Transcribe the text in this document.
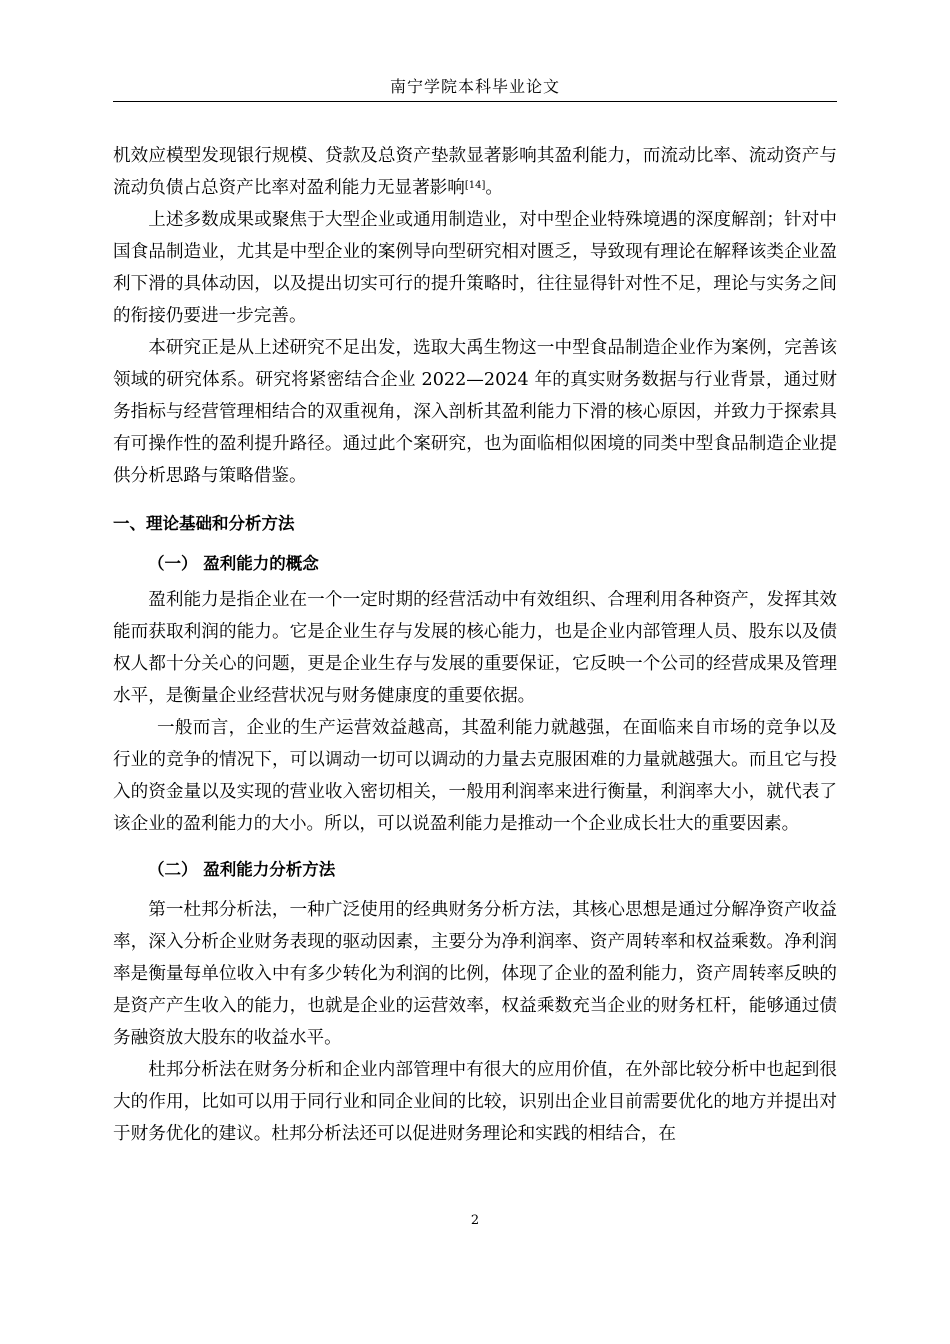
南宁学院本科毕业论文

机效应模型发现银行规模、贷款及总资产垫款显著影响其盈利能力，而流动比率、流动资产与流动负债占总资产比率对盈利能力无显著影响[14]。

上述多数成果或聚焦于大型企业或通用制造业，对中型企业特殊境遇的深度解剖；针对中国食品制造业，尤其是中型企业的案例导向型研究相对匮乏，导致现有理论在解释该类企业盈利下滑的具体动因，以及提出切实可行的提升策略时，往往显得针对性不足，理论与实务之间的衔接仍要进一步完善。

本研究正是从上述研究不足出发，选取大禹生物这一中型食品制造企业作为案例，完善该领域的研究体系。研究将紧密结合企业 2022—2024 年的真实财务数据与行业背景，通过财务指标与经营管理相结合的双重视角，深入剖析其盈利能力下滑的核心原因，并致力于探索具有可操作性的盈利提升路径。通过此个案研究，也为面临相似困境的同类中型食品制造企业提供分析思路与策略借鉴。

一、理论基础和分析方法
（一） 盈利能力的概念

盈利能力是指企业在一个一定时期的经营活动中有效组织、合理利用各种资产，发挥其效能而获取利润的能力。它是企业生存与发展的核心能力，也是企业内部管理人员、股东以及债权人都十分关心的问题，更是企业生存与发展的重要保证，它反映一个公司的经营成果及管理水平，是衡量企业经营状况与财务健康度的重要依据。

一般而言，企业的生产运营效益越高，其盈利能力就越强，在面临来自市场的竞争以及行业的竞争的情况下，可以调动一切可以调动的力量去克服困难的力量就越强大。而且它与投入的资金量以及实现的营业收入密切相关，一般用利润率来进行衡量，利润率大小，就代表了该企业的盈利能力的大小。所以，可以说盈利能力是推动一个企业成长壮大的重要因素。

（二） 盈利能力分析方法

第一杜邦分析法，一种广泛使用的经典财务分析方法，其核心思想是通过分解净资产收益率，深入分析企业财务表现的驱动因素，主要分为净利润率、资产周转率和权益乘数。净利润率是衡量每单位收入中有多少转化为利润的比例，体现了企业的盈利能力，资产周转率反映的是资产产生收入的能力，也就是企业的运营效率，权益乘数充当企业的财务杠杆，能够通过债务融资放大股东的收益水平。

杜邦分析法在财务分析和企业内部管理中有很大的应用价值，在外部比较分析中也起到很大的作用，比如可以用于同行业和同企业间的比较，识别出企业目前需要优化的地方并提出对于财务优化的建议。杜邦分析法还可以促进财务理论和实践的相结合，在

2
